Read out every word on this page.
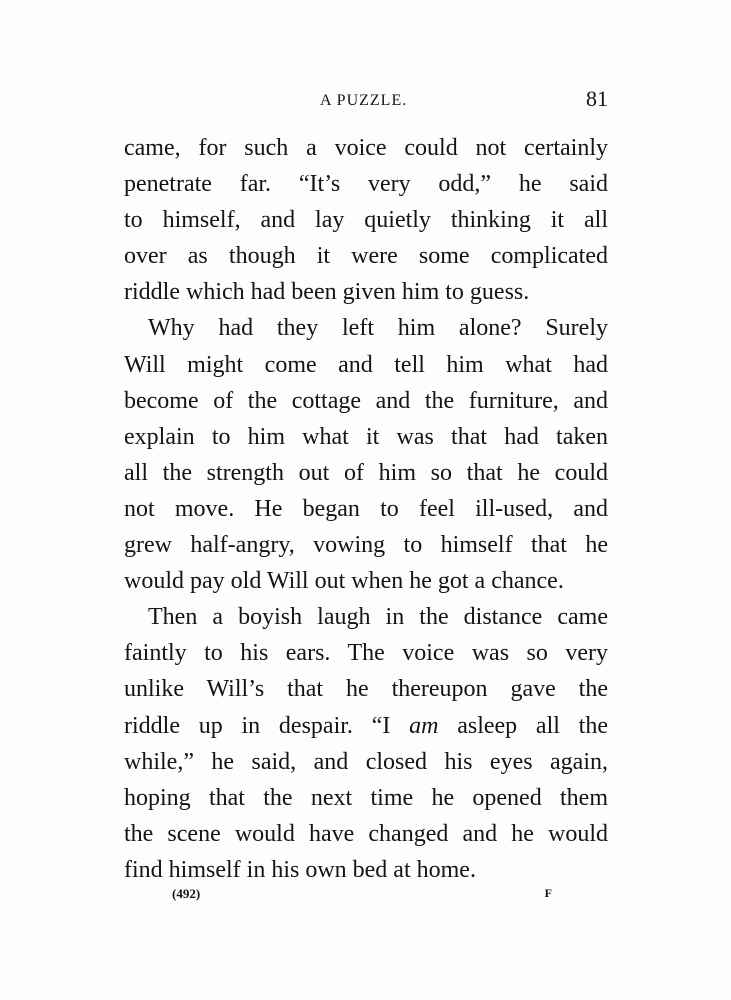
A PUZZLE.	81
came, for such a voice could not certainly
penetrate far. “It’s very odd,” he said
to himself, and lay quietly thinking it all
over as though it were some complicated
riddle which had been given him to guess.
Why had they left him alone? Surely
Will might come and tell him what had
become of the cottage and the furniture, and
explain to him what it was that had taken
all the strength out of him so that he could
not move. He began to feel ill-used, and
grew half-angry, vowing to himself that he
would pay old Will out when he got a chance.
Then a boyish laugh in the distance came
faintly to his ears. The voice was so very
unlike Will’s that he thereupon gave the
riddle up in despair. “I am asleep all the
while,” he said, and closed his eyes again,
hoping that the next time he opened them
the scene would have changed and he would
find himself in his own bed at home.
(492)	F
